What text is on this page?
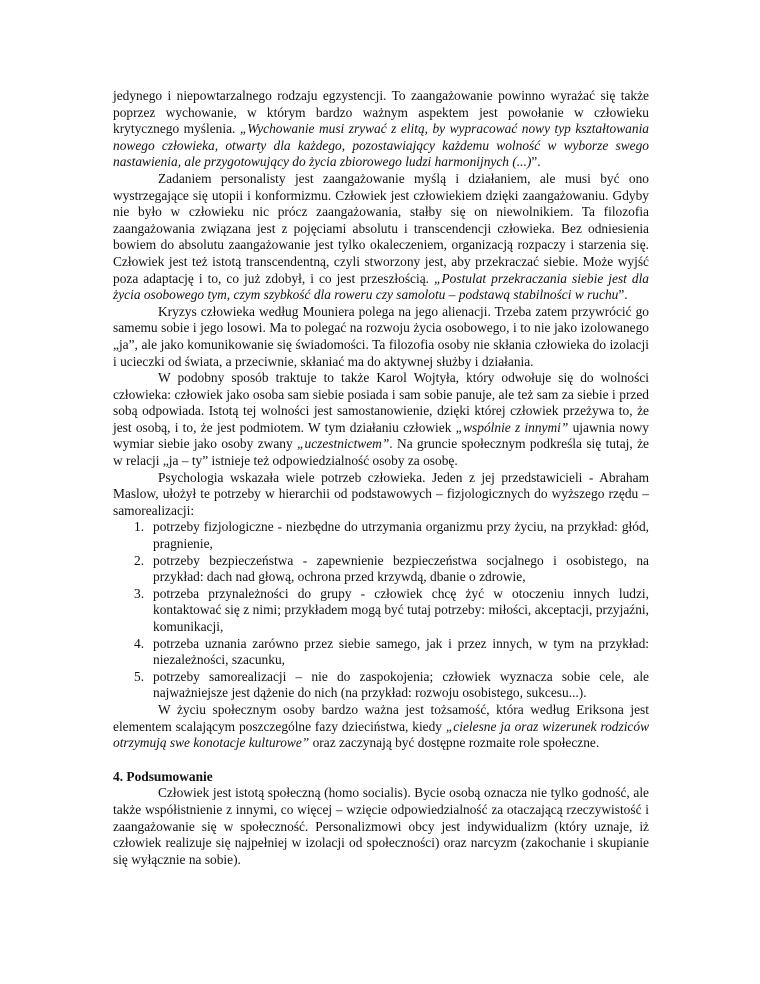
jedynego i niepowtarzalnego rodzaju egzystencji. To zaangażowanie powinno wyrażać się także poprzez wychowanie, w którym bardzo ważnym aspektem jest powołanie w człowieku krytycznego myślenia. „Wychowanie musi zrywać z elitą, by wypracować nowy typ kształtowania nowego człowieka, otwarty dla każdego, pozostawiający każdemu wolność w wyborze swego nastawienia, ale przygotowujący do życia zbiorowego ludzi harmonijnych (...)”.

Zadaniem personalisty jest zaangażowanie myślą i działaniem, ale musi być ono wystrzegające się utopii i konformizmu. Człowiek jest człowiekiem dzięki zaangażowaniu. Gdyby nie było w człowieku nic prócz zaangażowania, stałby się on niewolnikiem. Ta filozofia zaangażowania związana jest z pojęciami absolutu i transcendencji człowieka. Bez odniesienia bowiem do absolutu zaangażowanie jest tylko okaleczeniem, organizacją rozpaczy i starzenia się. Człowiek jest też istotą transcendentną, czyli stworzony jest, aby przekraczać siebie. Może wyjść poza adaptację i to, co już zdobył, i co jest przeszłością. „Postulat przekraczania siebie jest dla życia osobowego tym, czym szybkość dla roweru czy samolotu – podstawą stabilności w ruchu”.

Kryzys człowieka według Mouniera polega na jego alienacji. Trzeba zatem przywrócić go samemu sobie i jego losowi. Ma to polegać na rozwoju życia osobowego, i to nie jako izolowanego „ja”, ale jako komunikowanie się świadomości. Ta filozofia osoby nie skłania człowieka do izolacji i ucieczki od świata, a przeciwnie, skłaniać ma do aktywnej służby i działania.

W podobny sposób traktuje to także Karol Wojtyła, który odwołuje się do wolności człowieka: człowiek jako osoba sam siebie posiada i sam sobie panuje, ale też sam za siebie i przed sobą odpowiada. Istotą tej wolności jest samostanowienie, dzięki której człowiek przeżywa to, że jest osobą, i to, że jest podmiotem. W tym działaniu człowiek „wspólnie z innymi” ujawnia nowy wymiar siebie jako osoby zwany „uczestnictwem”. Na gruncie społecznym podkreśla się tutaj, że w relacji „ja – ty” istnieje też odpowiedzialność osoby za osobę.

Psychologia wskazała wiele potrzeb człowieka. Jeden z jej przedstawicieli - Abraham Maslow, ułożył te potrzeby w hierarchii od podstawowych – fizjologicznych do wyższego rzędu – samorealizacji:

1. potrzeby fizjologiczne - niezbędne do utrzymania organizmu przy życiu, na przykład: głód, pragnienie,
2. potrzeby bezpieczeństwa - zapewnienie bezpieczeństwa socjalnego i osobistego, na przykład: dach nad głową, ochrona przed krzywdą, dbanie o zdrowie,
3. potrzeba przynależności do grupy - człowiek chcę żyć w otoczeniu innych ludzi, kontaktować się z nimi; przykładem mogą być tutaj potrzeby: miłości, akceptacji, przyjaźni, komunikacji,
4. potrzeba uznania zarówno przez siebie samego, jak i przez innych, w tym na przykład: niezależności, szacunku,
5. potrzeby samorealizacji – nie do zaspokojenia; człowiek wyznacza sobie cele, ale najważniejsze jest dążenie do nich (na przykład: rozwoju osobistego, sukcesu...).

W życiu społecznym osoby bardzo ważna jest tożsamość, która według Eriksona jest elementem scalającym poszczególne fazy dzieciństwa, kiedy „cielesne ja oraz wizerunek rodziców otrzymują swe konotacje kulturowe” oraz zaczynają być dostępne rozmaite role społeczne.

4. Podsumowanie

Człowiek jest istotą społeczną (homo socialis). Bycie osobą oznacza nie tylko godność, ale także współistnienie z innymi, co więcej – wzięcie odpowiedzialność za otaczającą rzeczywistość i zaangażowanie się w społeczność. Personalizmowi obcy jest indywidualizm (który uznaje, iż człowiek realizuje się najpełniej w izolacji od społeczności) oraz narcyzm (zakochanie i skupianie się wyłącznie na sobie).
